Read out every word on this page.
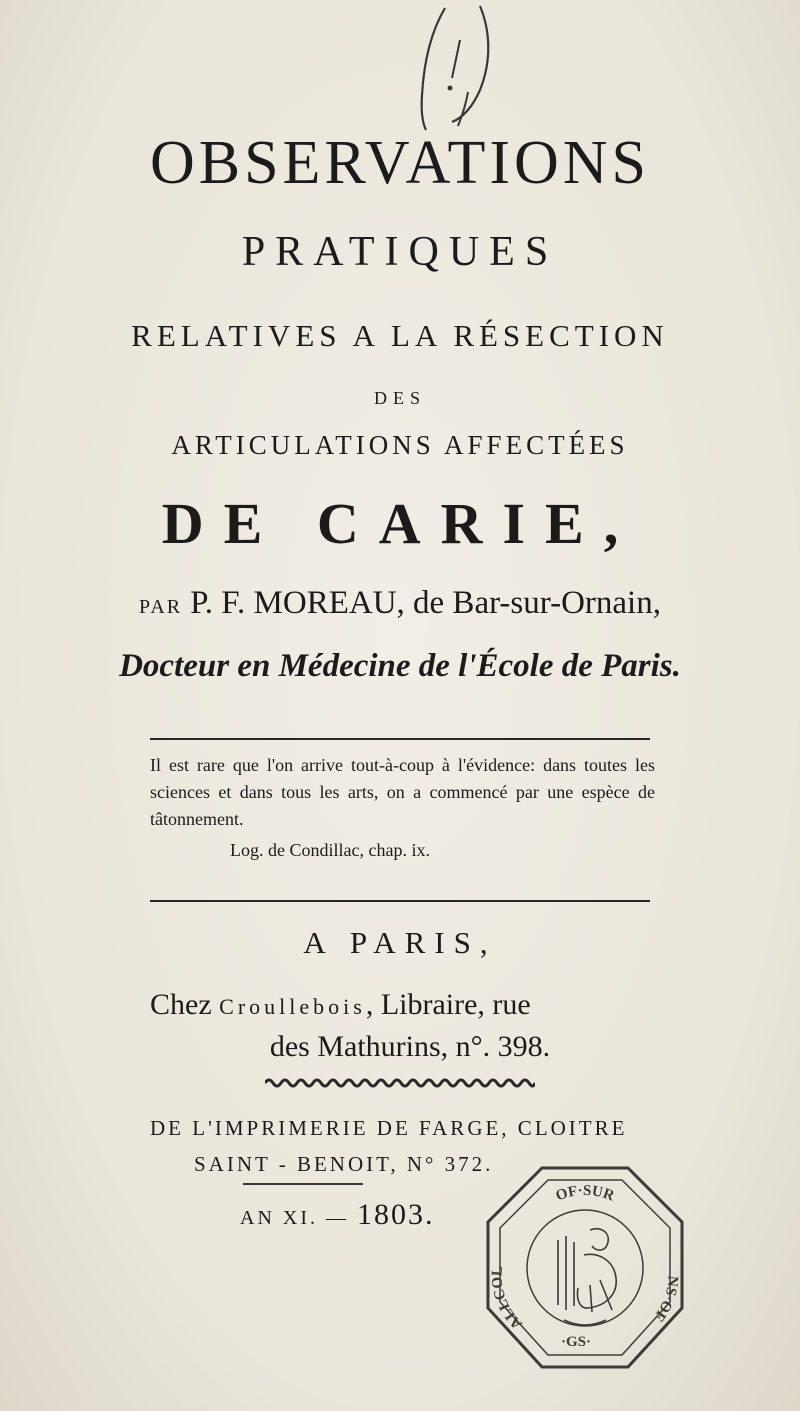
OBSERVATIONS
PRATIQUES
RELATIVES A LA RÉSECTION
DES
ARTICULATIONS AFFECTÉES
DE CARIE,
PAR P. F. MOREAU, de Bar-sur-Ornain,
Docteur en Médecine de l'École de Paris.

Il est rare que l'on arrive tout-à-coup à l'évidence: dans toutes les sciences et dans tous les arts, on a commencé par une espèce de tâtonnement.

Log. de Condillac, chap. ix.

A PARIS,
Chez Croullebois, Libraire, rue
des Mathurins, n°. 398.
DE L'IMPRIMERIE DE FARGE, CLOITRE
SAINT - BENOIT, N° 372.
AN XI. — 1803.
OF·SUR
ALLCOL
NS·OF
·GS·
